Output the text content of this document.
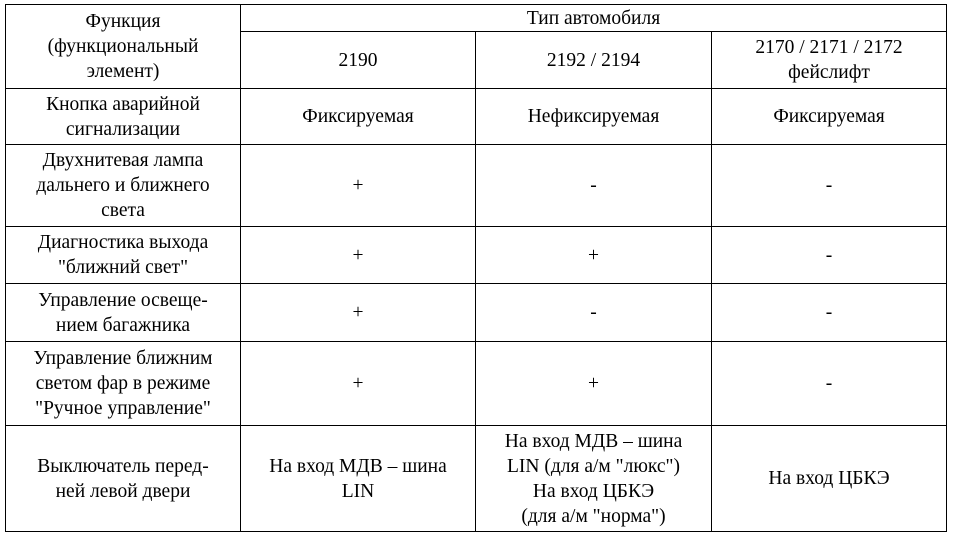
Функция
(функциональный
элемент)	Тип автомобиля		

	2190	2192 / 2194	2170 / 2171 / 2172
фейслифт

Кнопка аварийной
сигнализации	Фиксируемая	Нефиксируемая	Фиксируемая

Двухнитевая лампа
дальнего и ближнего
света	+	-	-

Диагностика выхода
"ближний свет"	+	+	-

Управление освеще-
нием багажника	+	-	-

Управление ближним
светом фар в режиме
"Ручное управление"	+	+	-

Выключатель перед-
ней левой двери	На вход МДВ – шина
LIN	На вход МДВ – шина
LIN (для а/м "люкс")
На вход ЦБКЭ
(для а/м "норма")	На вход ЦБКЭ
